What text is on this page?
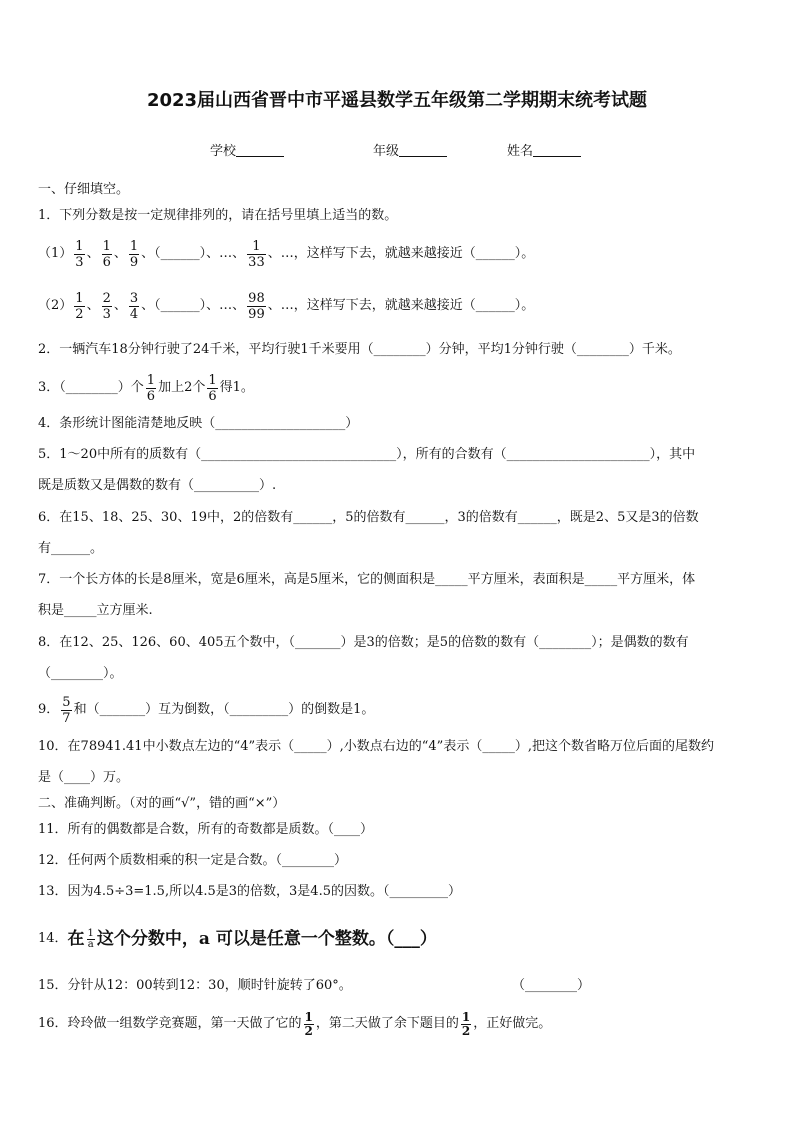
2023届山西省晋中市平遥县数学五年级第二学期期末统考试题
学校	年级	姓名
一、仔细填空。
1．下列分数是按一定规律排列的，请在括号里填上适当的数。
$(1) \frac{1}{3}$ 、 $\frac{1}{6}$ 、 $\frac{1}{9}$ 、（______）、…、 $\frac{1}{33}$ 、…，这样写下去，就越来越接近（______）。
$(2) \frac{1}{2}$ 、 $\frac{2}{3}$ 、 $\frac{3}{4}$ 、（______）、…、 $\frac{98}{99}$ 、…，这样写下去，就越来越接近（______）。
2．一辆汽车18分钟行驶了24千米，平均行驶1千米要用（________）分钟，平均1分钟行驶（________）千米。
3．（________）个 $\frac{1}{6}$ 加上2个 $\frac{1}{6}$ 得1。
4．条形统计图能清楚地反映（____________________）
5．1～20中所有的质数有（______________________________），所有的合数有（______________________），其中
既是质数又是偶数的数有（__________）.
6．在15、18、25、30、19中，2的倍数有______，5的倍数有______，3的倍数有______，既是2、5又是3的倍数
有______。
7．一个长方体的长是8厘米，宽是6厘米，高是5厘米，它的侧面积是_____平方厘米，表面积是_____平方厘米，体
积是_____立方厘米.
8．在12、25、126、60、405五个数中，（_______）是3的倍数；是5的倍数的数有（________）；是偶数的数有
（________）。
9． $\frac{5}{7}$ 和（_______）互为倒数，（_________）的倒数是1。
10．在78941.41中小数点左边的“4”表示（_____）,小数点右边的“4”表示（_____）,把这个数省略万位后面的尾数约
是（____）万。
二、准确判断。（对的画“√”，错的画“×”）
11．所有的偶数都是合数，所有的奇数都是质数。（____）
12．任何两个质数相乘的积一定是合数。（________）
13．因为4.5÷3=1.5,所以4.5是3的倍数，3是4.5的因数。（_________）
14． 在 $\frac{1}{a}$ 这个分数中，a 可以是任意一个整数。（___）
15．分针从12：00转到12：30，顺时针旋转了60°。	（________）
16．玲玲做一组数学竞赛题，第一天做了它的 $\frac{1}{2}$ ，第二天做了余下题目的 $\frac{1}{2}$ ，正好做完。
